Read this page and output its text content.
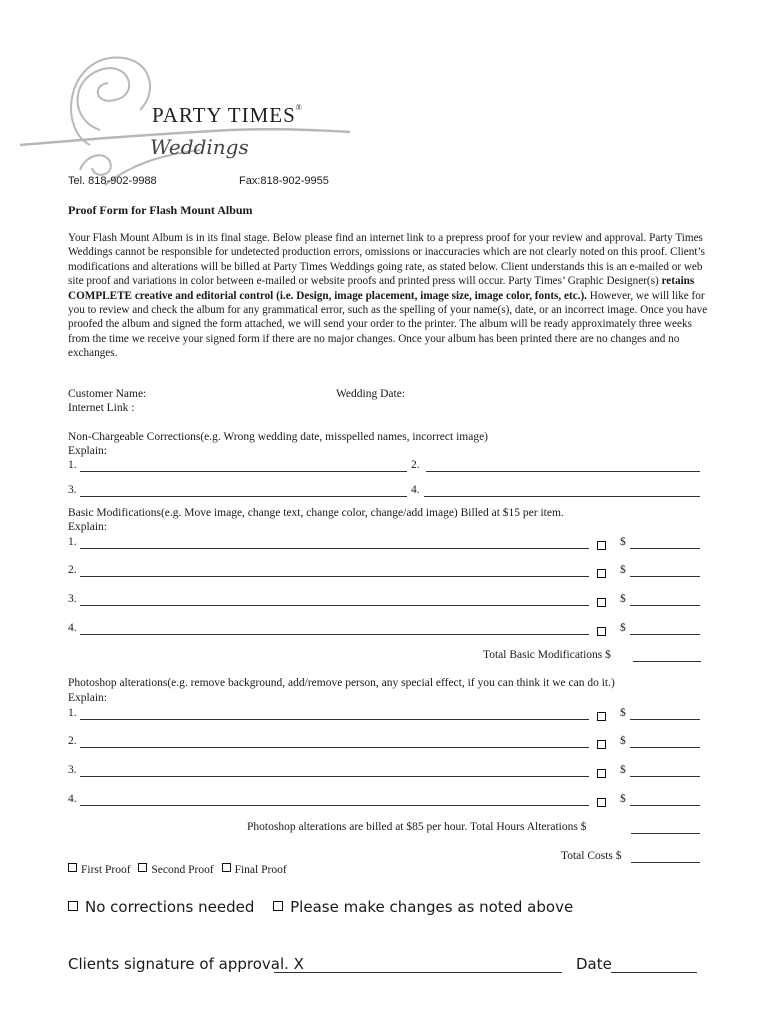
PARTY TIMES®
Weddings
Tel. 818-902-9988	Fax:818-902-9955
Proof Form for Flash Mount Album
Your Flash Mount Album is in its final stage. Below please find an internet link to a prepress proof for your review and approval. Party Times Weddings cannot be responsible for undetected production errors, omissions or inaccuracies which are not clearly noted on this proof. Client’s modifications and alterations will be billed at Party Times Weddings going rate, as stated below. Client understands this is an e-mailed or web site proof and variations in color between e-mailed or website proofs and printed press will occur. Party Times’ Graphic Designer(s) retains COMPLETE creative and editorial control (i.e. Design, image placement, image size, image color, fonts, etc.). However, we will like for you to review and check the album for any grammatical error, such as the spelling of your name(s), date, or an incorrect image. Once you have proofed the album and signed the form attached, we will send your order to the printer. The album will be ready approximately three weeks from the time we receive your signed form if there are no major changes. Once your album has been printed there are no changes and no exchanges.
Customer Name:	Wedding Date:
Internet Link :
Non-Chargeable Corrections(e.g. Wrong wedding date, misspelled names, incorrect image)
Explain:
1.	2.
3.	4.
Basic Modifications(e.g. Move image, change text, change color, change/add image) Billed at $15 per item.
Explain:
1.	$
2.	$
3.	$
4.	$
Total Basic Modifications $
Photoshop alterations(e.g. remove background, add/remove person, any special effect, if you can think it we can do it.)
Explain:
1.	$
2.	$
3.	$
4.	$
Photoshop alterations are billed at $85 per hour. Total Hours Alterations $
Total Costs $
First Proof Second Proof Final Proof
No corrections needed Please make changes as noted above
Clients signature of approval. X	Date
